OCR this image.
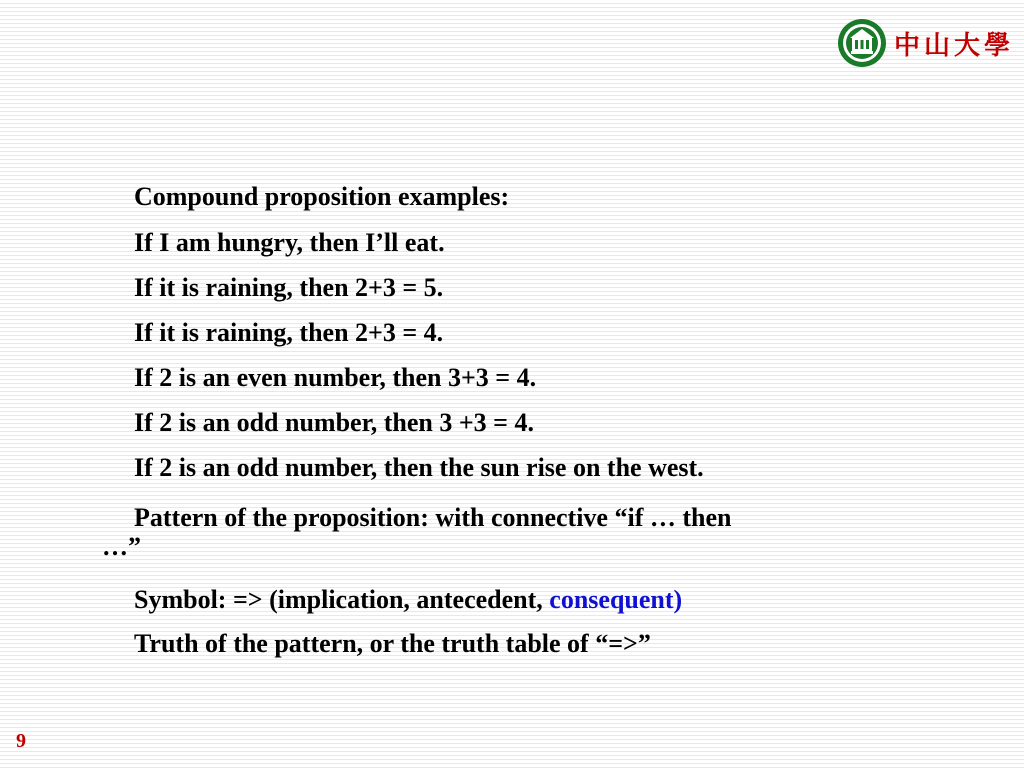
中山大學
Compound proposition examples:
If I am hungry, then I’ll eat.
If it is raining, then 2+3 = 5.
If it is raining, then 2+3 = 4.
If 2 is an even number, then 3+3 = 4.
If 2 is an odd number, then 3 +3 = 4.
If 2 is an odd number, then the sun rise on the west.
Pattern of the proposition: with connective “if … then
…”
Symbol: => (implication, antecedent, consequent)
Truth of the pattern, or the truth table of “=>”
9
